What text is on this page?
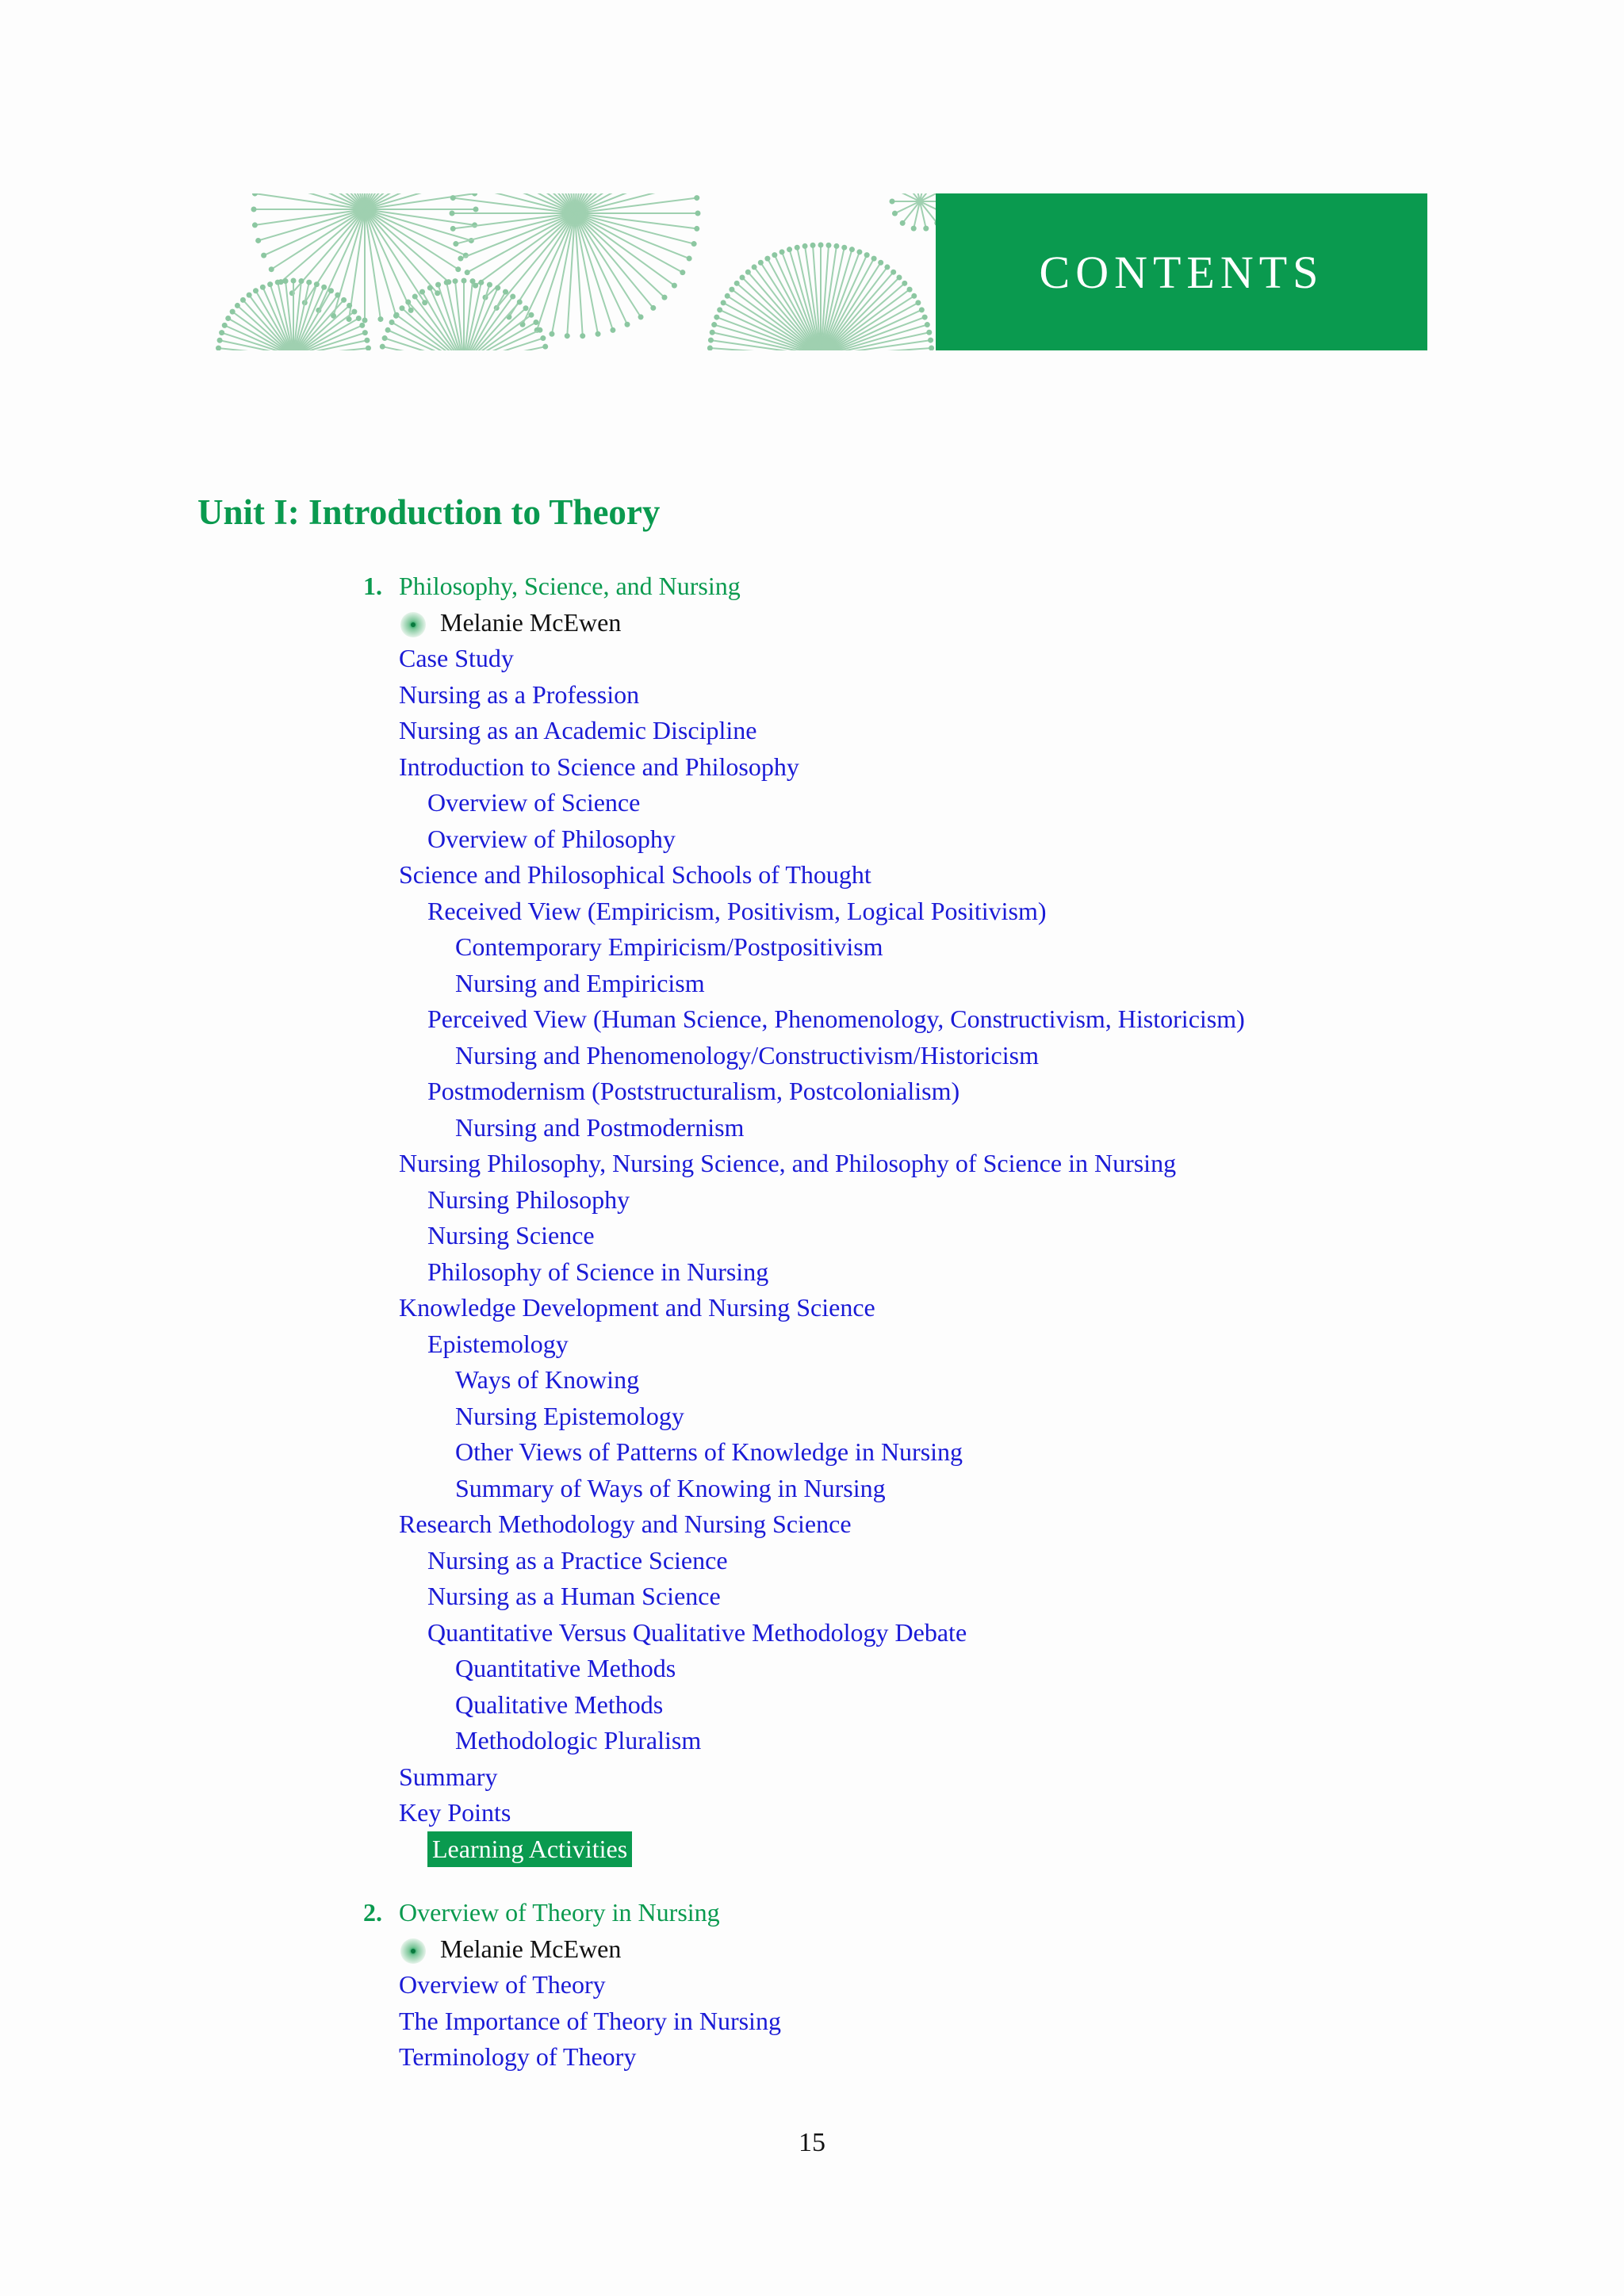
CONTENTS
Unit I: Introduction to Theory
1. Philosophy, Science, and Nursing
Melanie McEwen
Case Study
Nursing as a Profession
Nursing as an Academic Discipline
Introduction to Science and Philosophy
Overview of Science
Overview of Philosophy
Science and Philosophical Schools of Thought
Received View (Empiricism, Positivism, Logical Positivism)
Contemporary Empiricism/Postpositivism
Nursing and Empiricism
Perceived View (Human Science, Phenomenology, Constructivism, Historicism)
Nursing and Phenomenology/Constructivism/Historicism
Postmodernism (Poststructuralism, Postcolonialism)
Nursing and Postmodernism
Nursing Philosophy, Nursing Science, and Philosophy of Science in Nursing
Nursing Philosophy
Nursing Science
Philosophy of Science in Nursing
Knowledge Development and Nursing Science
Epistemology
Ways of Knowing
Nursing Epistemology
Other Views of Patterns of Knowledge in Nursing
Summary of Ways of Knowing in Nursing
Research Methodology and Nursing Science
Nursing as a Practice Science
Nursing as a Human Science
Quantitative Versus Qualitative Methodology Debate
Quantitative Methods
Qualitative Methods
Methodologic Pluralism
Summary
Key Points
Learning Activities
2. Overview of Theory in Nursing
Melanie McEwen
Overview of Theory
The Importance of Theory in Nursing
Terminology of Theory

15
